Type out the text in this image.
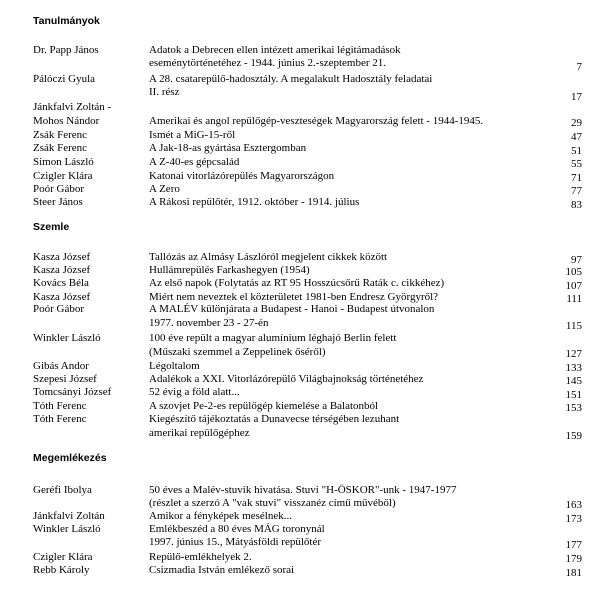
Tanulmányok
Dr. Papp János	Adatok a Debrecen ellen intézett amerikai légitámadások
eseménytörténetéhez - 1944. június 2.-szeptember 21.	7
Pálóczi Gyula	A 28. csatarepülő-hadosztály. A megalakult Hadosztály feladatai
II. rész	17
Jánkfalvi Zoltán -
Mohos Nándor	Amerikai és angol repülőgép-veszteségek Magyarország felett - 1944-1945.	29
Zsák Ferenc	Ismét a MiG-15-ről	47
Zsák Ferenc	A Jak-18-as gyártása Esztergomban	51
Simon László	A Z-40-es gépcsalád	55
Czigler Klára	Katonai vitorlázórepülés Magyarországon	71
Poór Gábor	A Zero	77
Steer János	A Rákosi repülőtér, 1912. október - 1914. július	83
Szemle
Kasza József	Tallózás az Almásy Lászlóról megjelent cikkek között	97
Kasza József	Hullámrepülés Farkashegyen (1954)	105
Kovács Béla	Az első napok (Folytatás az RT 95 Hosszúcsőrű Raták c. cikkéhez)	107
Kasza József	Miért nem neveztek el közterületet 1981-ben Endresz Györgyről?	111
Poór Gábor	A MALÉV különjárata a Budapest - Hanoi - Budapest útvonalon
1977. november 23 - 27-én	115
Winkler László	100 éve repült a magyar alumínium léghajó Berlin felett
(Műszaki szemmel a Zeppelinek őséről)	127
Gibás Andor	Légoltalom	133
Szepesi József	Adalékok a XXI. Vitorlázórepülő Világbajnokság történetéhez	145
Tomcsányi József	52 évig a föld alatt...	151
Tóth Ferenc	A szovjet Pe-2-es repülőgép kiemelése a Balatonból	153
Tóth Ferenc	Kiegészítő tájékoztatás a Dunavecse térségében lezuhant
amerikai repülőgéphez	159
Megemlékezés
Geréfi Ibolya	50 éves a Malév-stuvik hivatása. Stuvi "H-ÖSKOR"-unk - 1947-1977
(részlet a szerzó A "vak stuvi" visszanéz című művéből)	163
Jánkfalvi Zoltán	Amikor a fényképek mesélnek...	173
Winkler László	Emlékbeszéd a 80 éves MÁG toronynál
1997. június 15., Mátyásföldi repülőtér	177
Czigler Klára	Repülő-emlékhelyek 2.	179
Rebb Károly	Csizmadia István emlékező sorai	181
